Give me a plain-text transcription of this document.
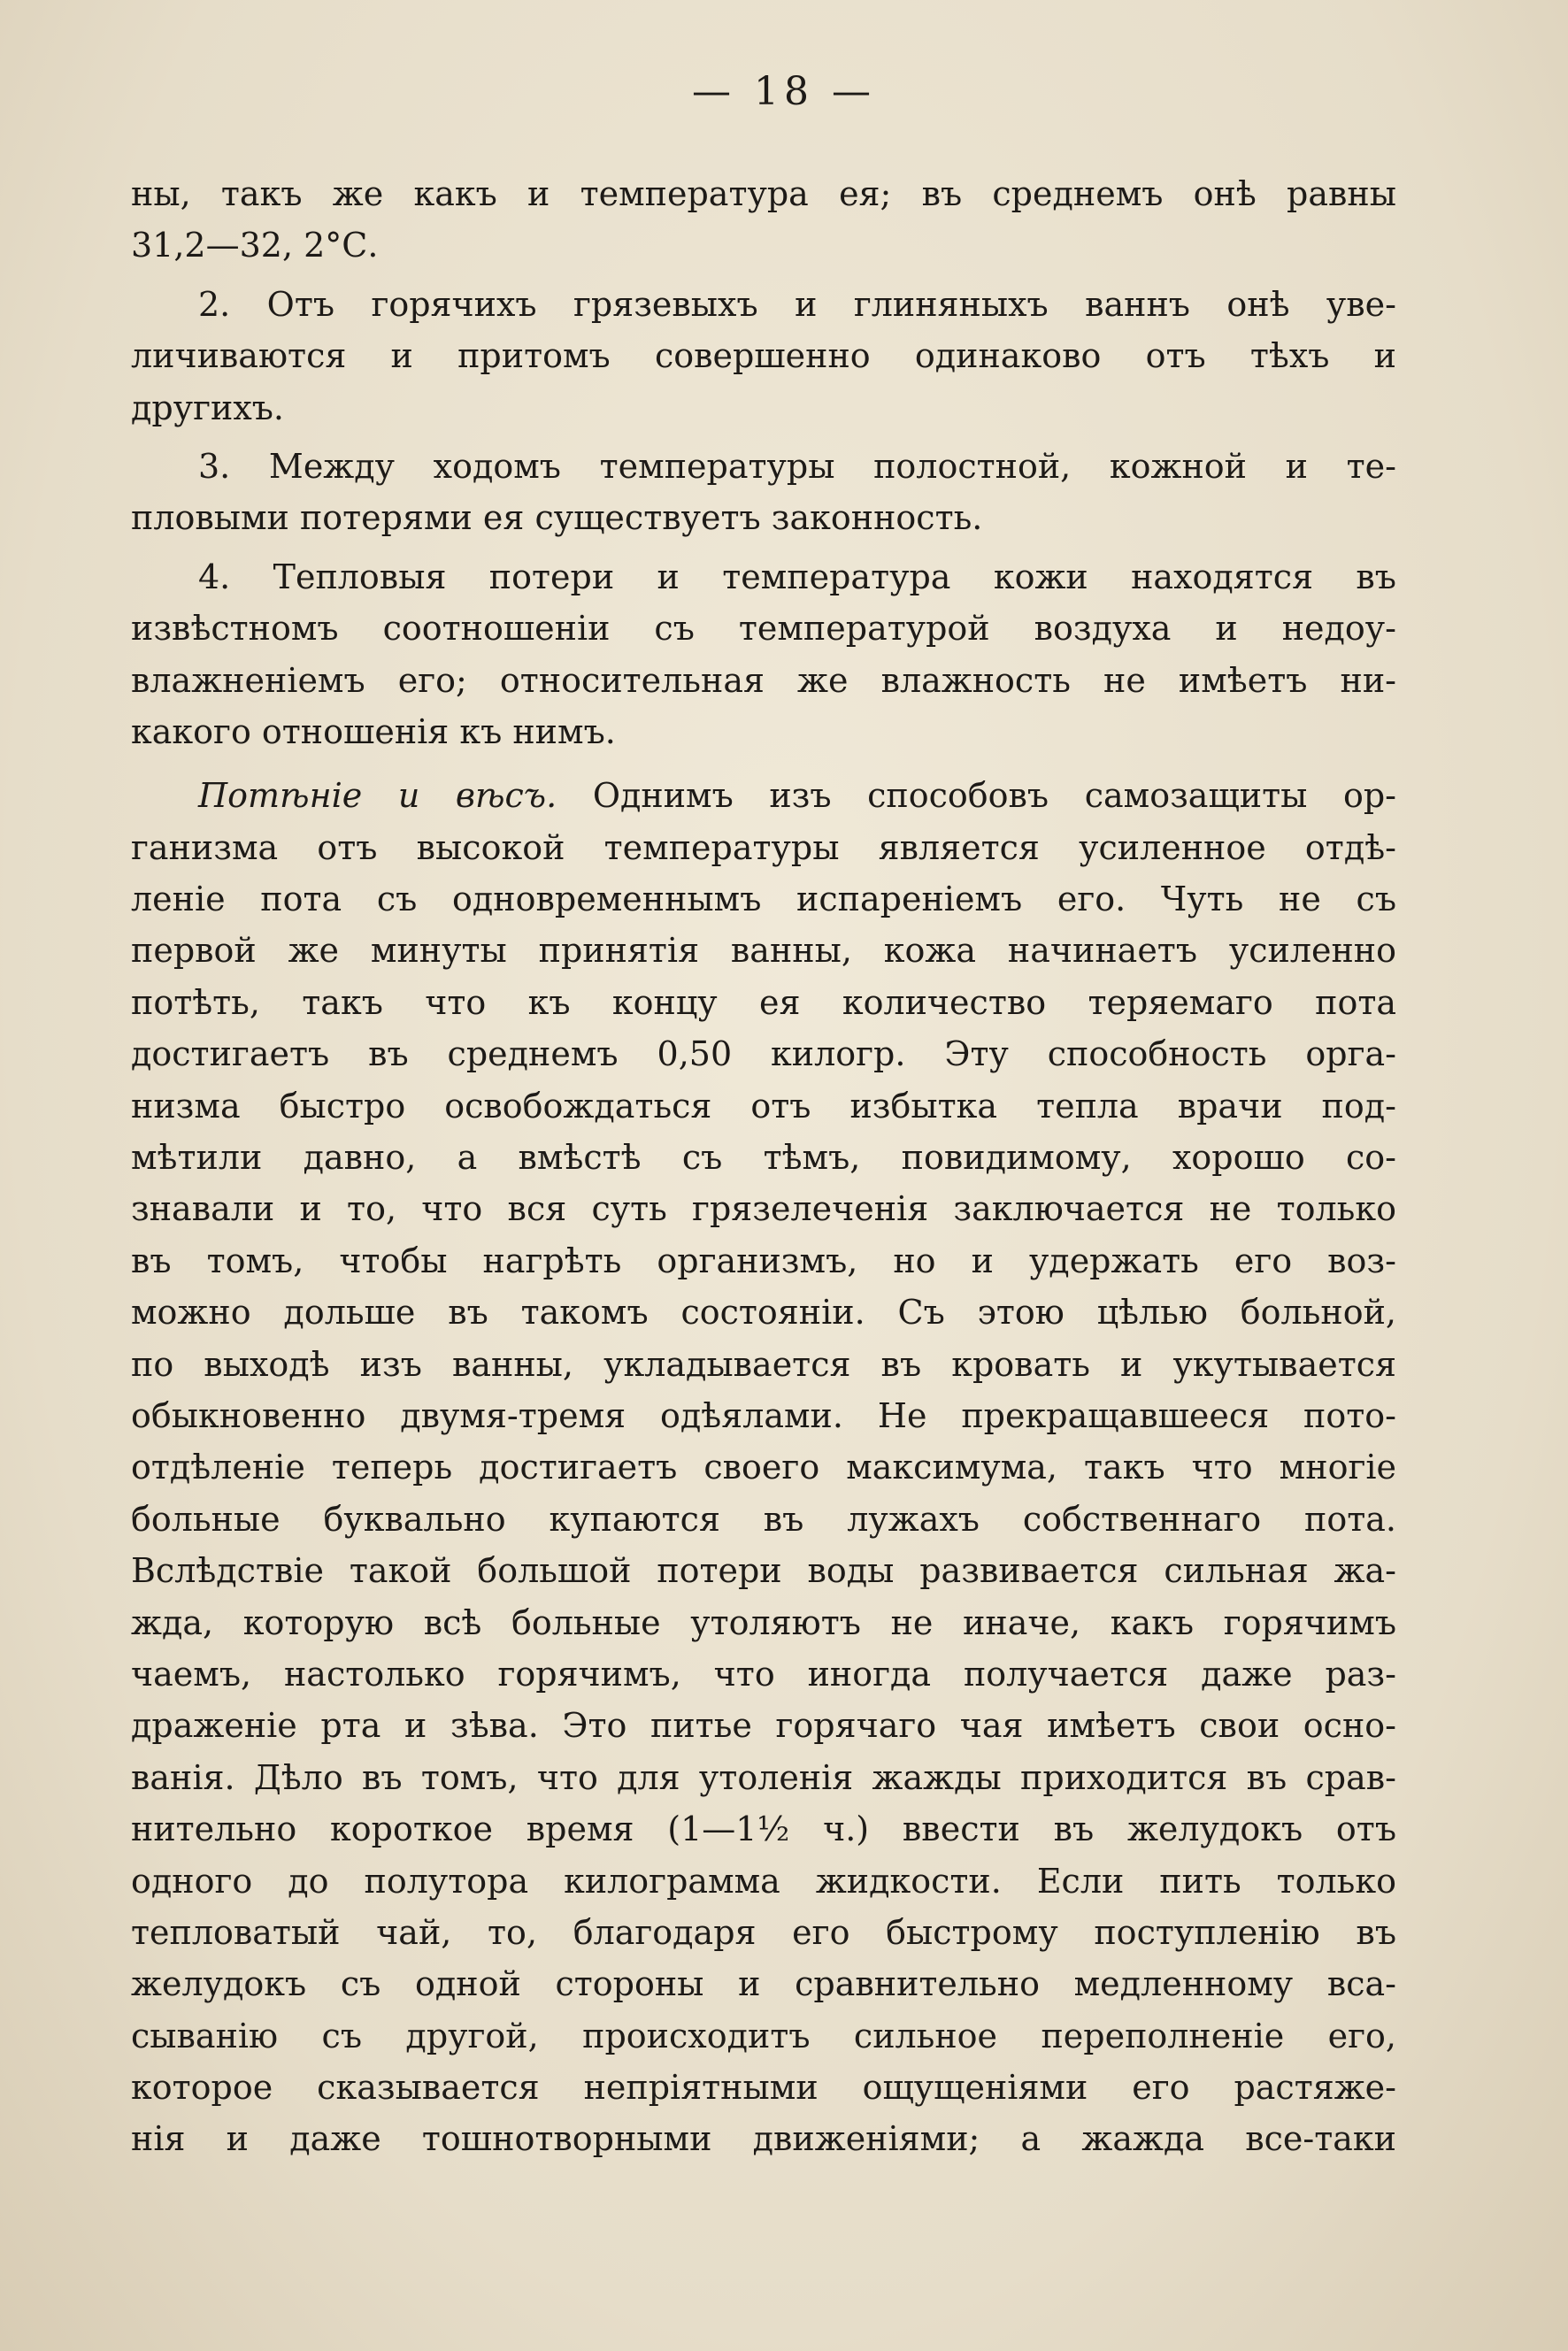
— 18 —
ны, такъ же какъ и температура ея; въ среднемъ онѣ равны
31,2—32, 2°С.
2. Отъ горячихъ грязевыхъ и глиняныхъ ваннъ онѣ уве-
личиваются и притомъ совершенно одинаково отъ тѣхъ и
другихъ.
3. Между ходомъ температуры полостной, кожной и те-
пловыми потерями ея существуетъ законность.
4. Тепловыя потери и температура кожи находятся въ
извѣстномъ соотношеніи съ температурой воздуха и недоу-
влажненіемъ его; относительная же влажность не имѣетъ ни-
какого отношенія къ нимъ.
Потѣніе и вѣсъ. Однимъ изъ способовъ самозащиты ор-
ганизма отъ высокой температуры является усиленное отдѣ-
леніе пота съ одновременнымъ испареніемъ его. Чуть не съ
первой же минуты принятія ванны, кожа начинаетъ усиленно
потѣть, такъ что къ концу ея количество теряемаго пота
достигаетъ въ среднемъ 0,50 килогр. Эту способность орга-
низма быстро освобождаться отъ избытка тепла врачи под-
мѣтили давно, а вмѣстѣ съ тѣмъ, повидимому, хорошо со-
знавали и то, что вся суть грязелеченія заключается не только
въ томъ, чтобы нагрѣть организмъ, но и удержать его воз-
можно дольше въ такомъ состояніи. Съ этою цѣлью больной,
по выходѣ изъ ванны, укладывается въ кровать и укутывается
обыкновенно двумя-тремя одѣялами. Не прекращавшееся пото-
отдѣленіе теперь достигаетъ своего максимума, такъ что многіе
больные буквально купаются въ лужахъ собственнаго пота.
Вслѣдствіе такой большой потери воды развивается сильная жа-
жда, которую всѣ больные утоляютъ не иначе, какъ горячимъ
чаемъ, настолько горячимъ, что иногда получается даже раз-
драженіе рта и зѣва. Это питье горячаго чая имѣетъ свои осно-
ванія. Дѣло въ томъ, что для утоленія жажды приходится въ срав-
нительно короткое время (1—1½ ч.) ввести въ желудокъ отъ
одного до полутора килограмма жидкости. Если пить только
тепловатый чай, то, благодаря его быстрому поступленію въ
желудокъ съ одной стороны и сравнительно медленному вса-
сыванію съ другой, происходитъ сильное переполненіе его,
которое сказывается непріятными ощущеніями его растяже-
нія и даже тошнотворными движеніями; а жажда все-таки
